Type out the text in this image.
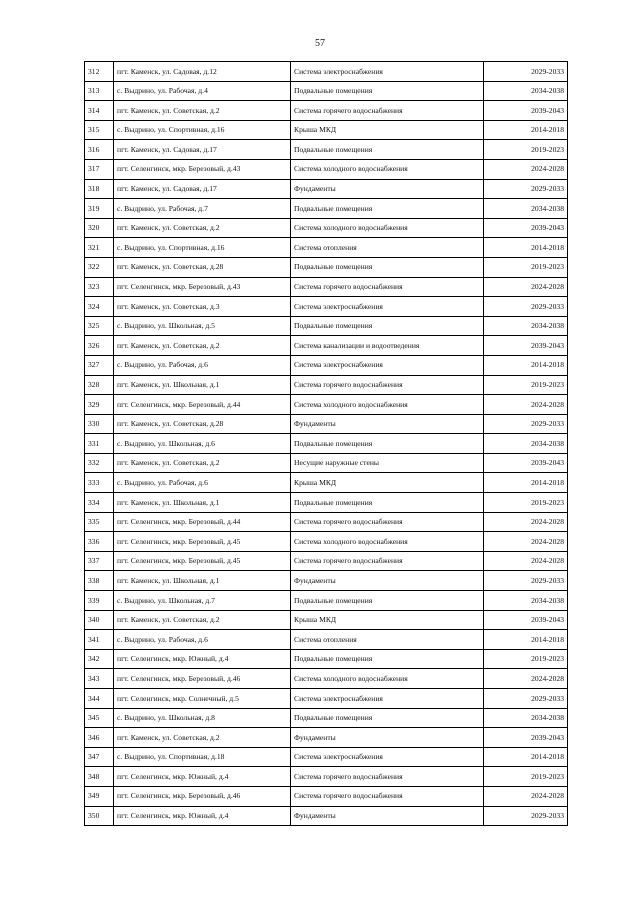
57
312	пгт. Каменск, ул. Садовая, д.12	Система электроснабжения	2029-2033
313	с. Выдрино, ул. Рабочая, д.4	Подвальные помещения	2034-2038
314	пгт. Каменск, ул. Советская, д.2	Система горячего водоснабжения	2039-2043
315	с. Выдрино, ул. Спортивная, д.16	Крыша МКД	2014-2018
316	пгт. Каменск, ул. Садовая, д.17	Подвальные помещения	2019-2023
317	пгт. Селенгинск, мкр. Березовый, д.43	Система холодного водоснабжения	2024-2028
318	пгт. Каменск, ул. Садовая, д.17	Фундаменты	2029-2033
319	с. Выдрино, ул. Рабочая, д.7	Подвальные помещения	2034-2038
320	пгт. Каменск, ул. Советская, д.2	Система холодного водоснабжения	2039-2043
321	с. Выдрино, ул. Спортивная, д.16	Система отопления	2014-2018
322	пгт. Каменск, ул. Советская, д.28	Подвальные помещения	2019-2023
323	пгт. Селенгинск, мкр. Березовый, д.43	Система горячего водоснабжения	2024-2028
324	пгт. Каменск, ул. Советская, д.3	Система электроснабжения	2029-2033
325	с. Выдрино, ул. Школьная, д.5	Подвальные помещения	2034-2038
326	пгт. Каменск, ул. Советская, д.2	Система канализации и водоотведения	2039-2043
327	с. Выдрино, ул. Рабочая, д.6	Система электроснабжения	2014-2018
328	пгт. Каменск, ул. Школьная, д.1	Система горячего водоснабжения	2019-2023
329	пгт. Селенгинск, мкр. Березовый, д.44	Система холодного водоснабжения	2024-2028
330	пгт. Каменск, ул. Советская, д.28	Фундаменты	2029-2033
331	с. Выдрино, ул. Школьная, д.6	Подвальные помещения	2034-2038
332	пгт. Каменск, ул. Советская, д.2	Несущие наружные стены	2039-2043
333	с. Выдрино, ул. Рабочая, д.6	Крыша МКД	2014-2018
334	пгт. Каменск, ул. Школьная, д.1	Подвальные помещения	2019-2023
335	пгт. Селенгинск, мкр. Березовый, д.44	Система горячего водоснабжения	2024-2028
336	пгт. Селенгинск, мкр. Березовый, д.45	Система холодного водоснабжения	2024-2028
337	пгт. Селенгинск, мкр. Березовый, д.45	Система горячего водоснабжения	2024-2028
338	пгт. Каменск, ул. Школьная, д.1	Фундаменты	2029-2033
339	с. Выдрино, ул. Школьная, д.7	Подвальные помещения	2034-2038
340	пгт. Каменск, ул. Советская, д.2	Крыша МКД	2039-2043
341	с. Выдрино, ул. Рабочая, д.6	Система отопления	2014-2018
342	пгт. Селенгинск, мкр. Южный, д.4	Подвальные помещения	2019-2023
343	пгт. Селенгинск, мкр. Березовый, д.46	Система холодного водоснабжения	2024-2028
344	пгт. Селенгинск, мкр. Солнечный, д.5	Система электроснабжения	2029-2033
345	с. Выдрино, ул. Школьная, д.8	Подвальные помещения	2034-2038
346	пгт. Каменск, ул. Советская, д.2	Фундаменты	2039-2043
347	с. Выдрино, ул. Спортивная, д.18	Система электроснабжения	2014-2018
348	пгт. Селенгинск, мкр. Южный, д.4	Система горячего водоснабжения	2019-2023
349	пгт. Селенгинск, мкр. Березовый, д.46	Система горячего водоснабжения	2024-2028
350	пгт. Селенгинск, мкр. Южный, д.4	Фундаменты	2029-2033
